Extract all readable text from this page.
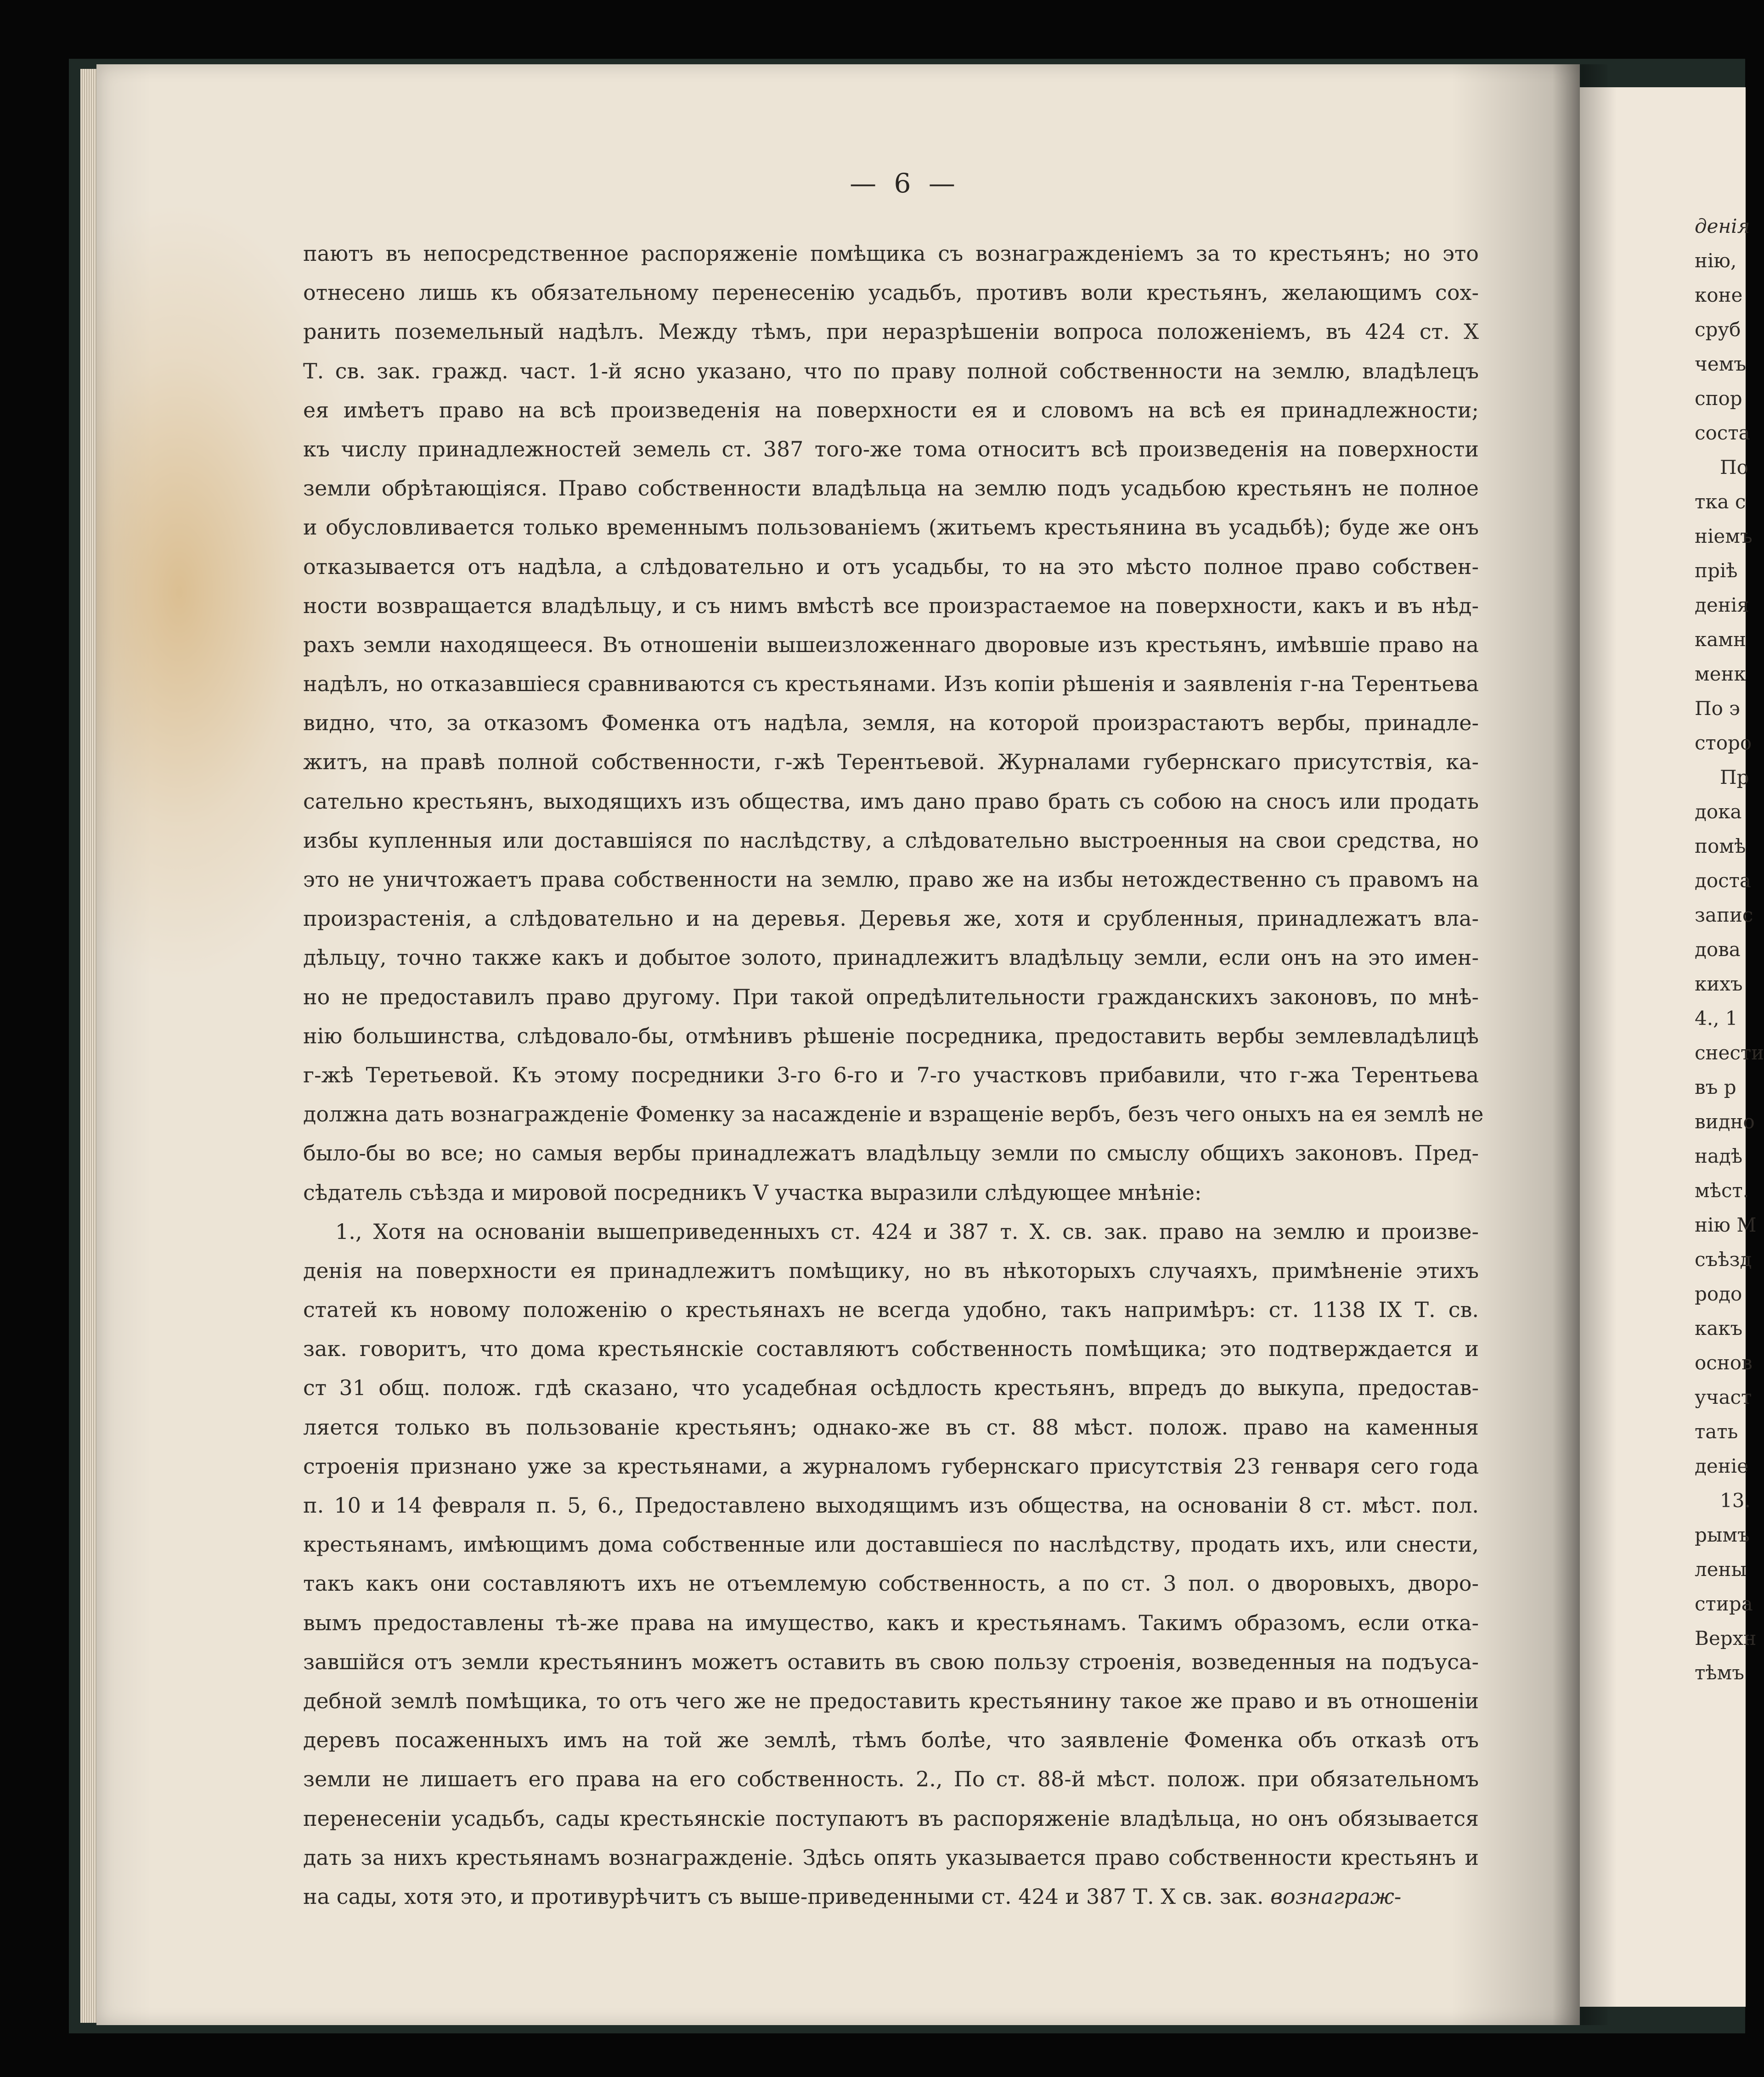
— 6 —
паютъ въ непосредственное распоряженіе помѣщика съ вознагражденіемъ за то крестьянъ; но это
отнесено лишь къ обязательному перенесенію усадьбъ, противъ воли крестьянъ, желающимъ сох-
ранить поземельный надѣлъ. Между тѣмъ, при неразрѣшеніи вопроса положеніемъ, въ 424 ст. X
Т. св. зак. гражд. част. 1-й ясно указано, что по праву полной собственности на землю, владѣлецъ
ея имѣетъ право на всѣ произведенія на поверхности ея и словомъ на всѣ ея принадлежности;
къ числу принадлежностей земель ст. 387 того-же тома относитъ всѣ произведенія на поверхности
земли обрѣтающіяся. Право собственности владѣльца на землю подъ усадьбою крестьянъ не полное
и обусловливается только временнымъ пользованіемъ (житьемъ крестьянина въ усадьбѣ); буде же онъ
отказывается отъ надѣла, а слѣдовательно и отъ усадьбы, то на это мѣсто полное право собствен-
ности возвращается владѣльцу, и съ нимъ вмѣстѣ все произрастаемое на поверхности, какъ и въ нѣд-
рахъ земли находящееся. Въ отношеніи вышеизложеннаго дворовые изъ крестьянъ, имѣвшіе право на
надѣлъ, но отказавшіеся сравниваются съ крестьянами. Изъ копіи рѣшенія и заявленія г-на Терентьева
видно, что, за отказомъ Фоменка отъ надѣла, земля, на которой произрастаютъ вербы, принадле-
житъ, на правѣ полной собственности, г-жѣ Терентьевой. Журналами губернскаго присутствія, ка-
сательно крестьянъ, выходящихъ изъ общества, имъ дано право брать съ собою на сносъ или продать
избы купленныя или доставшіяся по наслѣдству, а слѣдовательно выстроенныя на свои средства, но
это не уничтожаетъ права собственности на землю, право же на избы нетождественно съ правомъ на
произрастенія, а слѣдовательно и на деревья. Деревья же, хотя и срубленныя, принадлежатъ вла-
дѣльцу, точно также какъ и добытое золото, принадлежитъ владѣльцу земли, если онъ на это имен-
но не предоставилъ право другому. При такой опредѣлительности гражданскихъ законовъ, по мнѣ-
нію большинства, слѣдовало-бы, отмѣнивъ рѣшеніе посредника, предоставить вербы землевладѣлицѣ
г-жѣ Теретьевой. Къ этому посредники 3-го 6-го и 7-го участковъ прибавили, что г-жа Терентьева
должна дать вознагражденіе Фоменку за насажденіе и взращеніе вербъ, безъ чего оныхъ на ея землѣ не
было-бы во все; но самыя вербы принадлежатъ владѣльцу земли по смыслу общихъ законовъ. Пред-
сѣдатель съѣзда и мировой посредникъ V участка выразили слѣдующее мнѣніе:
1., Хотя на основаніи вышеприведенныхъ ст. 424 и 387 т. X. св. зак. право на землю и произве-
денія на поверхности ея принадлежитъ помѣщику, но въ нѣкоторыхъ случаяхъ, примѣненіе этихъ
статей къ новому положенію о крестьянахъ не всегда удобно, такъ напримѣръ: ст. 1138 IX Т. св.
зак. говоритъ, что дома крестьянскіе составляютъ собственность помѣщика; это подтверждается и
ст 31 общ. полож. гдѣ сказано, что усадебная осѣдлость крестьянъ, впредъ до выкупа, предостав-
ляется только въ пользованіе крестьянъ; однако-же въ ст. 88 мѣст. полож. право на каменныя
строенія признано уже за крестьянами, а журналомъ губернскаго присутствія 23 генваря сего года
п. 10 и 14 февраля п. 5, 6., Предоставлено выходящимъ изъ общества, на основаніи 8 ст. мѣст. пол.
крестьянамъ, имѣющимъ дома собственные или доставшіеся по наслѣдству, продать ихъ, или снести,
такъ какъ они составляютъ ихъ не отъемлемую собственность, а по ст. 3 пол. о дворовыхъ, дворо-
вымъ предоставлены тѣ-же права на имущество, какъ и крестьянамъ. Такимъ образомъ, если отка-
завшійся отъ земли крестьянинъ можетъ оставить въ свою пользу строенія, возведенныя на подъуса-
дебной землѣ помѣщика, то отъ чего же не предоставить крестьянину такое же право и въ отношеніи
деревъ посаженныхъ имъ на той же землѣ, тѣмъ болѣе, что заявленіе Фоменка объ отказѣ отъ
земли не лишаетъ его права на его собственность. 2., По ст. 88-й мѣст. полож. при обязательномъ
перенесеніи усадьбъ, сады крестьянскіе поступаютъ въ распоряженіе владѣльца, но онъ обязывается
дать за нихъ крестьянамъ вознагражденіе. Здѣсь опять указывается право собственности крестьянъ и
на сады, хотя это, и противурѣчитъ съ выше-приведенными ст. 424 и 387 Т. X св. зак. вознаграж-
денія
нію,
коне
сруб
чемъ
спор
соста
По
тка с
ніемъ
пріѣ
денія
камн
менк
По э
сторо
Пр
дока
помѣ
доста
запис
дова
кихъ
4., 1
снести
въ р
видно
надѣ
мѣст.
нію М
съѣзд
родо
какъ
основ
участ
тать
деніе
13.
рымъ
лены
стира
Верхн
тѣмъ
